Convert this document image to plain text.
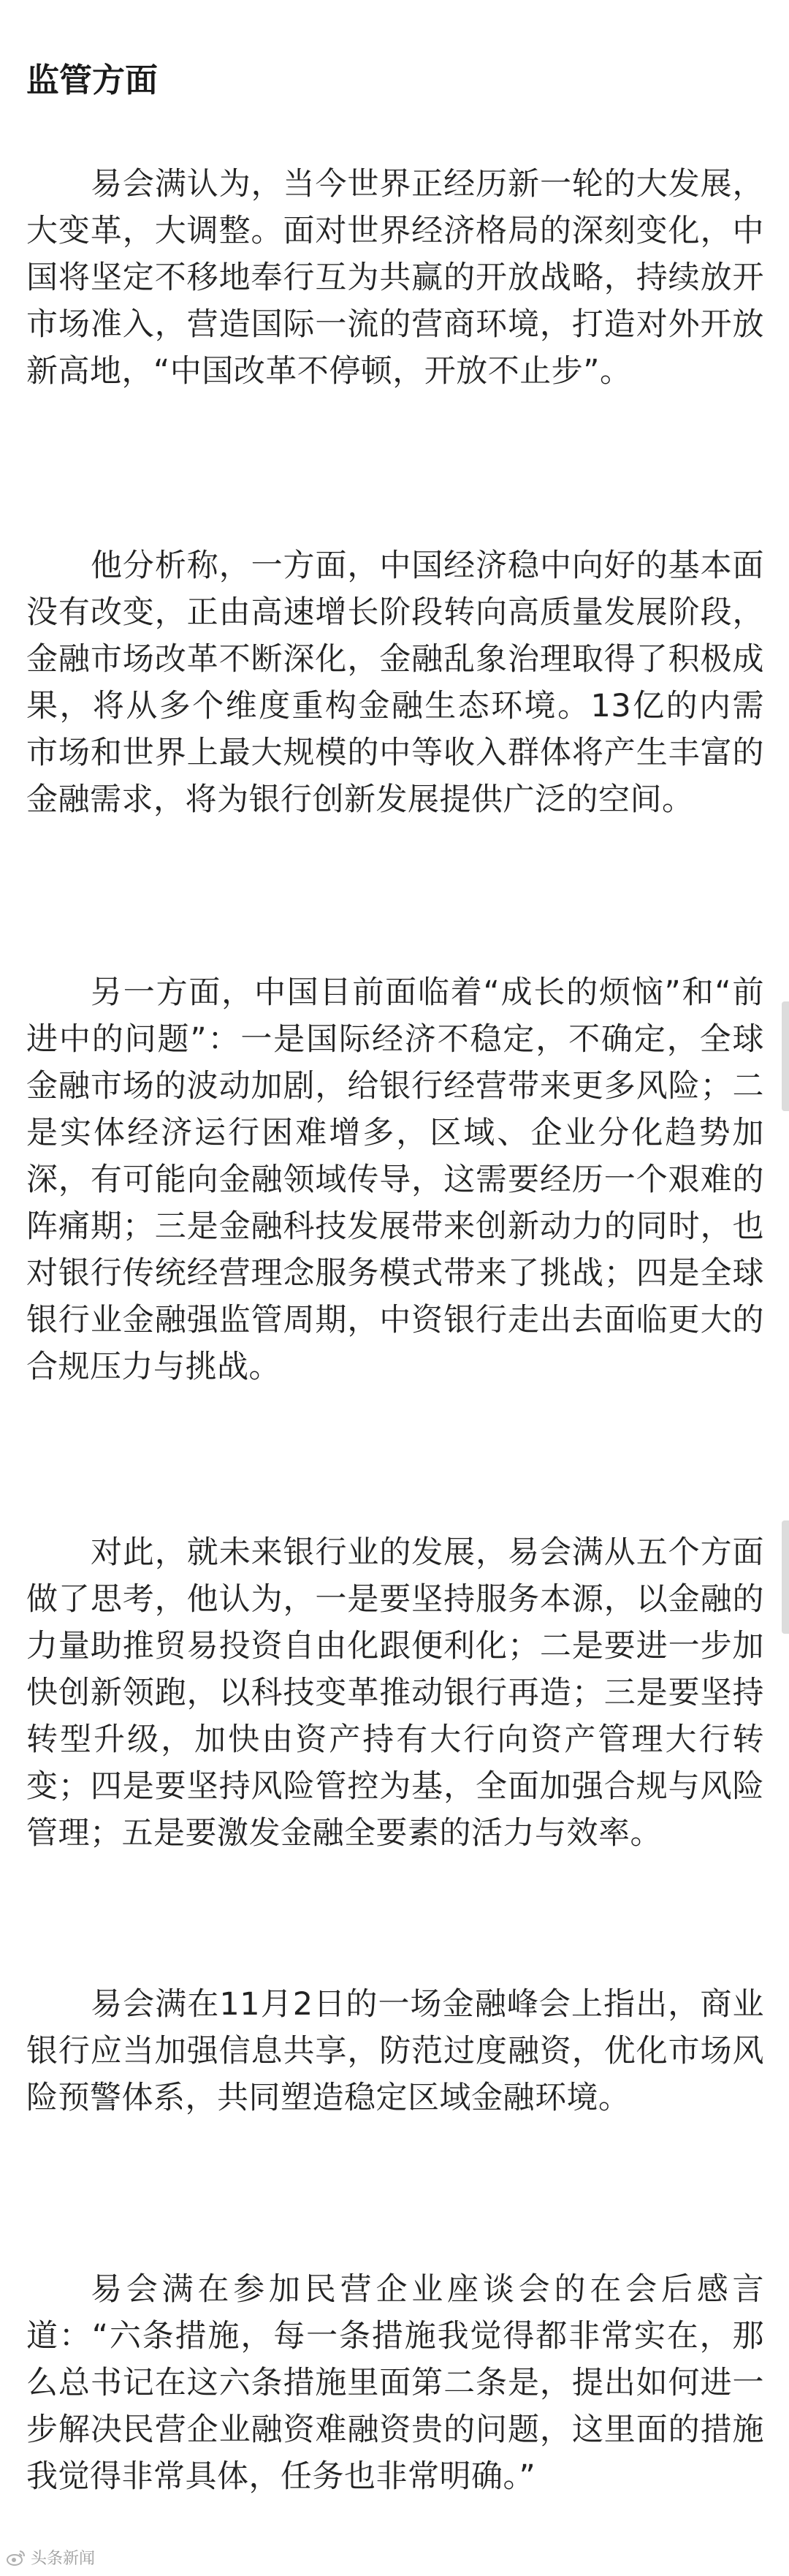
监管方面

易会满认为，当今世界正经历新一轮的大发展，大变革，大调整。面对世界经济格局的深刻变化，中国将坚定不移地奉行互为共赢的开放战略，持续放开市场准入，营造国际一流的营商环境，打造对外开放新高地，“中国改革不停顿，开放不止步”。

他分析称，一方面，中国经济稳中向好的基本面没有改变，正由高速增长阶段转向高质量发展阶段，金融市场改革不断深化，金融乱象治理取得了积极成果，将从多个维度重构金融生态环境。13亿的内需市场和世界上最大规模的中等收入群体将产生丰富的金融需求，将为银行创新发展提供广泛的空间。

另一方面，中国目前面临着“成长的烦恼”和“前进中的问题”：一是国际经济不稳定，不确定，全球金融市场的波动加剧，给银行经营带来更多风险；二是实体经济运行困难增多，区域、企业分化趋势加深，有可能向金融领域传导，这需要经历一个艰难的阵痛期；三是金融科技发展带来创新动力的同时，也对银行传统经营理念服务模式带来了挑战；四是全球银行业金融强监管周期，中资银行走出去面临更大的合规压力与挑战。

对此，就未来银行业的发展，易会满从五个方面做了思考，他认为，一是要坚持服务本源，以金融的力量助推贸易投资自由化跟便利化；二是要进一步加快创新领跑，以科技变革推动银行再造；三是要坚持转型升级，加快由资产持有大行向资产管理大行转变；四是要坚持风险管控为基，全面加强合规与风险管理；五是要激发金融全要素的活力与效率。

易会满在11月2日的一场金融峰会上指出，商业银行应当加强信息共享，防范过度融资，优化市场风险预警体系，共同塑造稳定区域金融环境。

易会满在参加民营企业座谈会的在会后感言道：“六条措施，每一条措施我觉得都非常实在，那么总书记在这六条措施里面第二条是，提出如何进一步解决民营企业融资难融资贵的问题，这里面的措施我觉得非常具体，任务也非常明确。”

头条新闻
